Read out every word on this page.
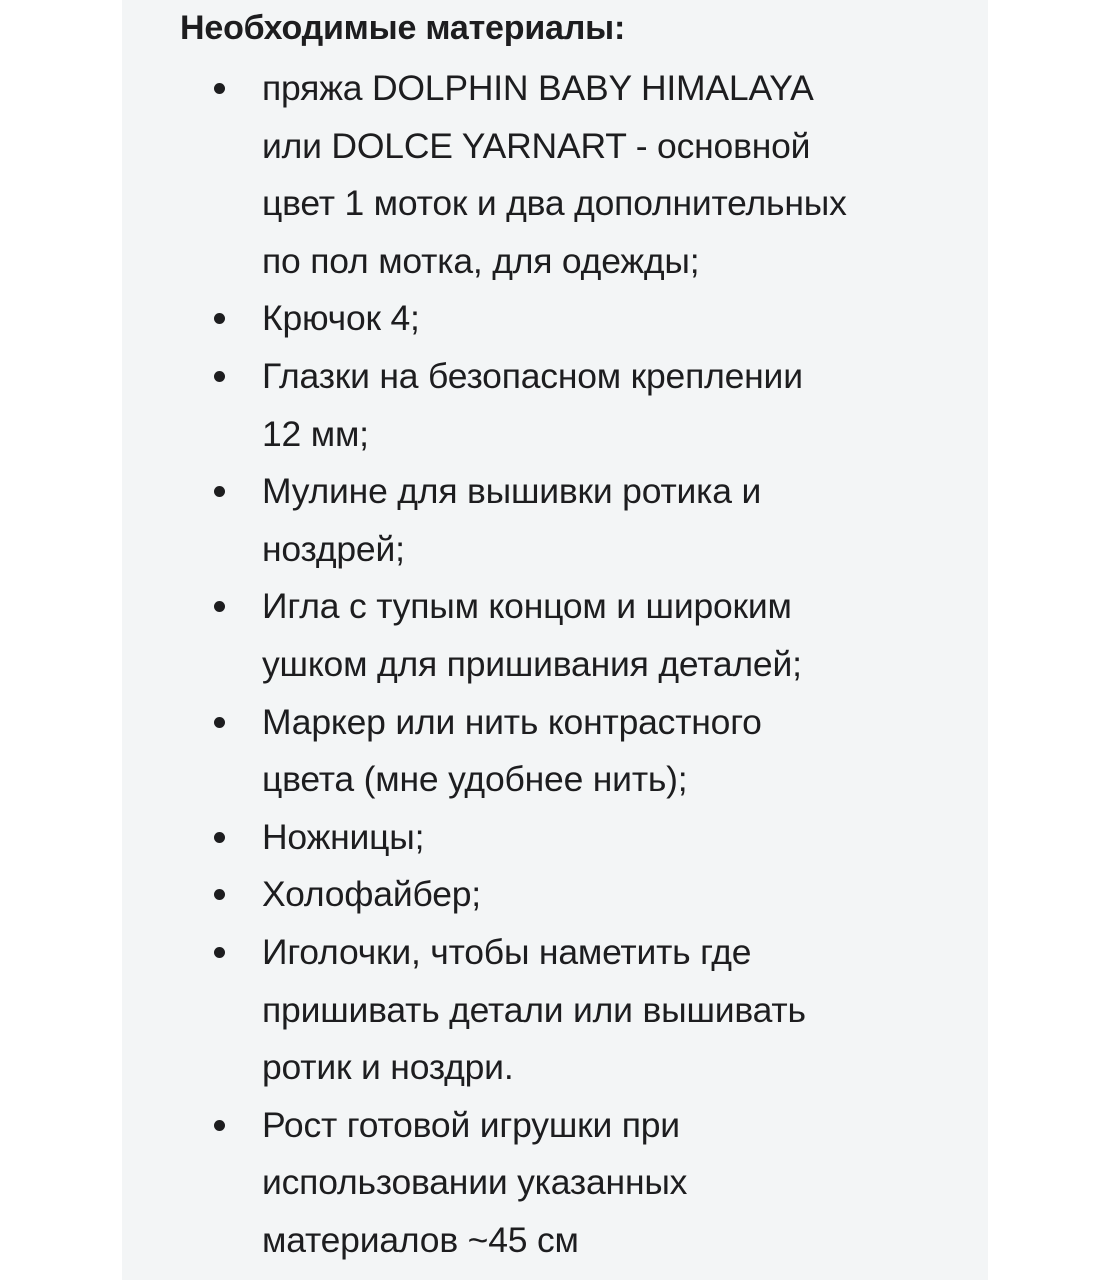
Необходимые материалы:
пряжа DOLPHIN BABY HIMALAYA
или DOLCE YARNART - основной
цвет 1 моток и два дополнительных
по пол мотка, для одежды;
Крючок 4;
Глазки на безопасном креплении
12 мм;
Мулине для вышивки ротика и
ноздрей;
Игла с тупым концом и широким
ушком для пришивания деталей;
Маркер или нить контрастного
цвета (мне удобнее нить);
Ножницы;
Холофайбер;
Иголочки, чтобы наметить где
пришивать детали или вышивать
ротик и ноздри.
Рост готовой игрушки при
использовании указанных
материалов ~45 см
